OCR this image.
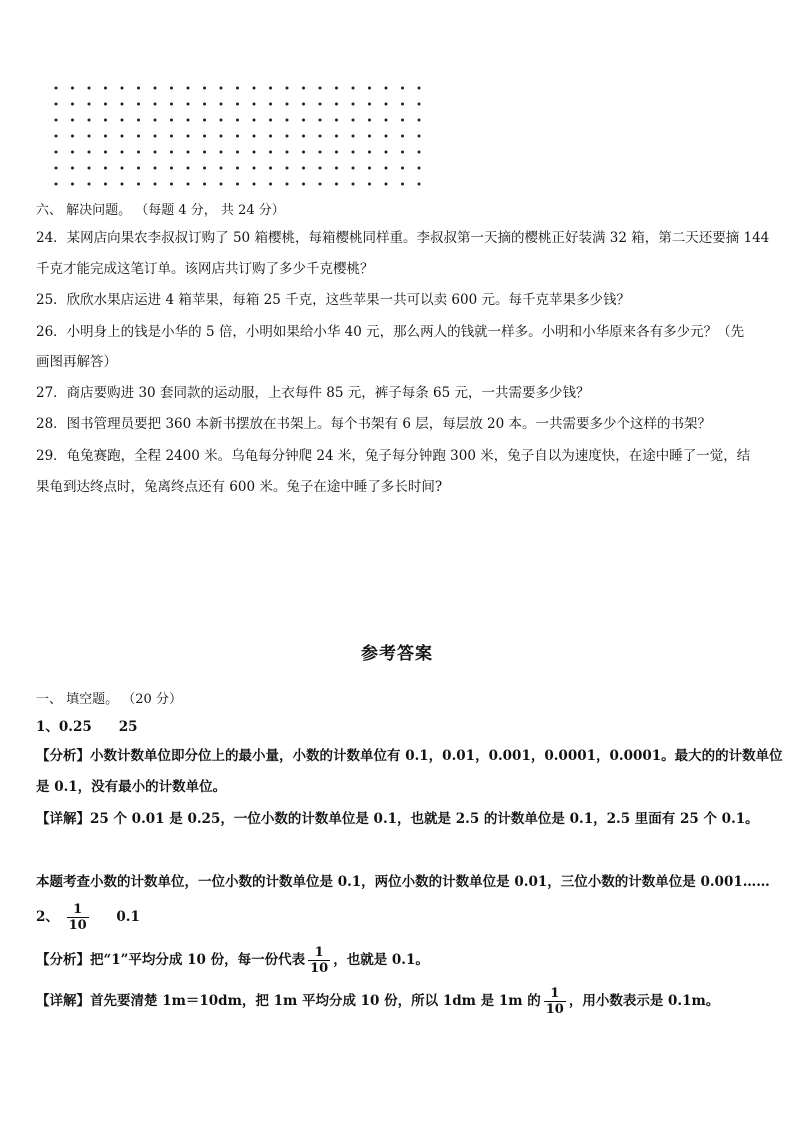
六、 解决问题。 （每题 4 分， 共 24 分）
24．某网店向果农李叔叔订购了 50 箱樱桃，每箱樱桃同样重。李叔叔第一天摘的樱桃正好装满 32 箱，第二天还要摘 144
千克才能完成这笔订单。该网店共订购了多少千克樱桃？
25．欣欣水果店运进 4 箱苹果，每箱 25 千克，这些苹果一共可以卖 600 元。每千克苹果多少钱？
26．小明身上的钱是小华的 5 倍，小明如果给小华 40 元，那么两人的钱就一样多。小明和小华原来各有多少元？（先
画图再解答）
27．商店要购进 30 套同款的运动服，上衣每件 85 元，裤子每条 65 元，一共需要多少钱？
28．图书管理员要把 360 本新书摆放在书架上。每个书架有 6 层，每层放 20 本。一共需要多少个这样的书架？
29．龟兔赛跑，全程 2400 米。乌龟每分钟爬 24 米，兔子每分钟跑 300 米，兔子自以为速度快，在途中睡了一觉，结
果龟到达终点时，兔离终点还有 600 米。兔子在途中睡了多长时间?
参考答案
一、 填空题。 （20 分）
1、0.25　　25
【分析】小数计数单位即分位上的最小量，小数的计数单位有 0.1，0.01，0.001，0.0001，0.0001。最大的的计数单位
是 0.1，没有最小的计数单位。
【详解】25 个 0.01 是 0.25，一位小数的计数单位是 0.1，也就是 2.5 的计数单位是 0.1，2.5 里面有 25 个 0.1。
本题考查小数的计数单位，一位小数的计数单位是 0.1，两位小数的计数单位是 0.01，三位小数的计数单位是 0.001……
2、 $\frac{1}{10} 0.1$
【分析】把“1”平均分成 10 份，每一份代表 $\frac{1}{10}$ ，也就是 0.1。
【详解】首先要清楚 1m＝10dm，把 1m 平均分成 10 份，所以 1dm 是 1m 的 $\frac{1}{10}$ ，用小数表示是 0.1m。
